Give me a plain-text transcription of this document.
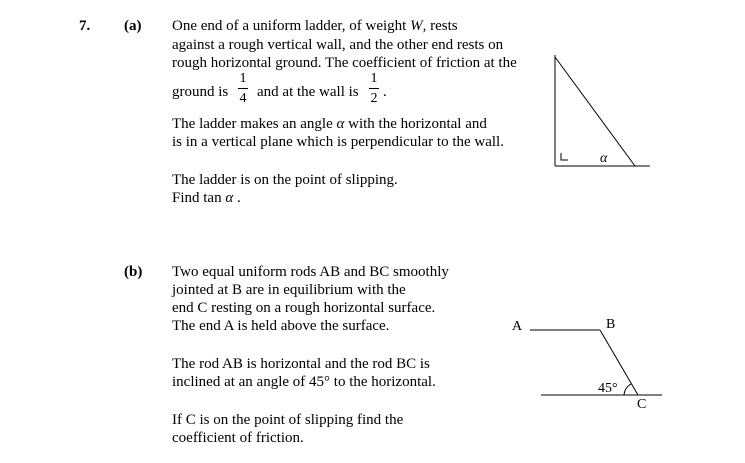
7. (a) One end of a uniform ladder, of weight W, rests
against a rough vertical wall, and the other end rests on
rough horizontal ground. The coefficient of friction at the
ground is
1
4 and at the wall is
1
2 .
The ladder makes an angle α with the horizontal and
is in a vertical plane which is perpendicular to the wall.
The ladder is on the point of slipping.
Find tan α .
(b) Two equal uniform rods AB and BC smoothly
jointed at B are in equilibrium with the
end C resting on a rough horizontal surface.
The end A is held above the surface.
The rod AB is horizontal and the rod BC is
inclined at an angle of 45° to the horizontal.
If C is on the point of slipping find the
coefficient of friction.
α
A	B
C
45°
